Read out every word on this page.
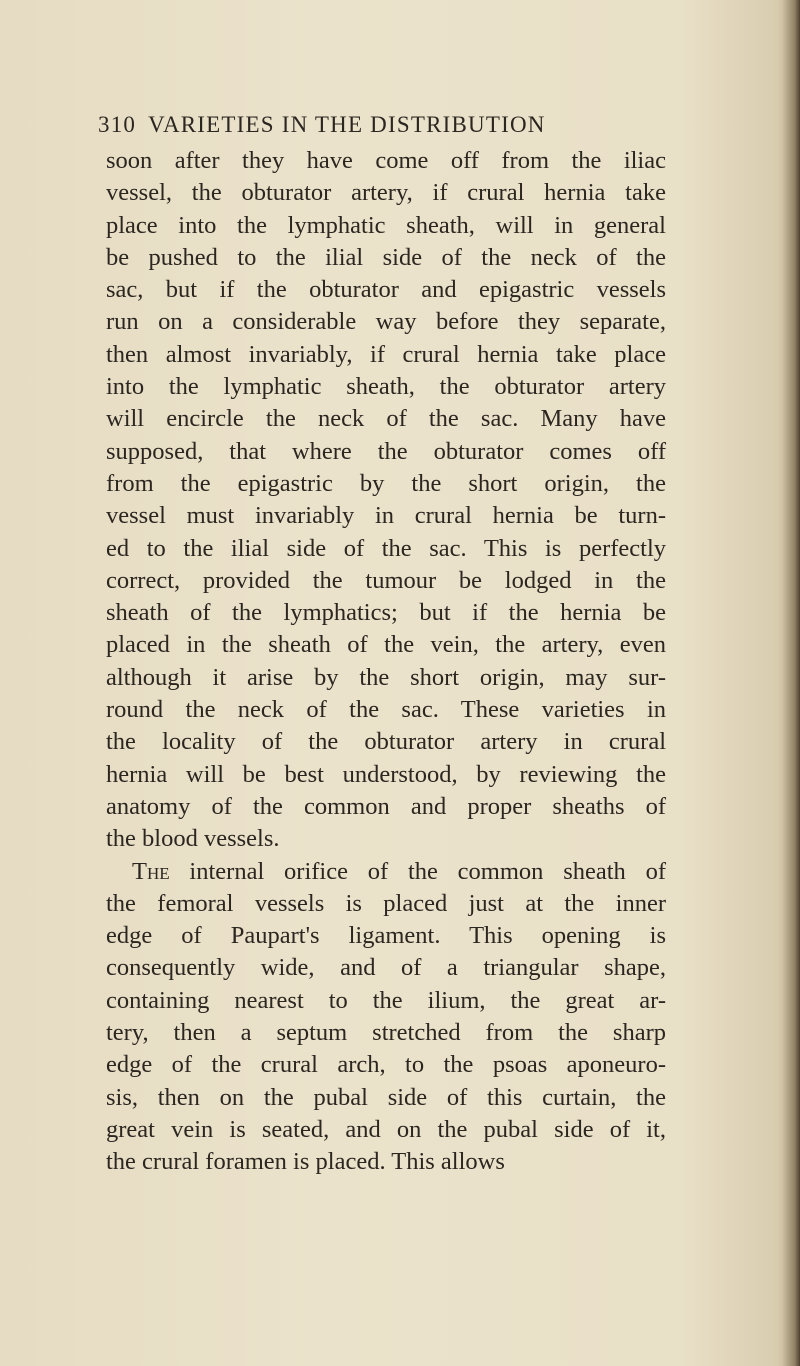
310 VARIETIES IN THE DISTRIBUTION
soon after they have come off from the iliac
vessel, the obturator artery, if crural hernia take
place into the lymphatic sheath, will in general
be pushed to the ilial side of the neck of the
sac, but if the obturator and epigastric vessels
run on a considerable way before they separate,
then almost invariably, if crural hernia take place
into the lymphatic sheath, the obturator artery
will encircle the neck of the sac. Many have
supposed, that where the obturator comes off
from the epigastric by the short origin, the
vessel must invariably in crural hernia be turn-
ed to the ilial side of the sac. This is perfectly
correct, provided the tumour be lodged in the
sheath of the lymphatics; but if the hernia be
placed in the sheath of the vein, the artery, even
although it arise by the short origin, may sur-
round the neck of the sac. These varieties in
the locality of the obturator artery in crural
hernia will be best understood, by reviewing the
anatomy of the common and proper sheaths of
the blood vessels.
The internal orifice of the common sheath of
the femoral vessels is placed just at the inner
edge of Paupart's ligament. This opening is
consequently wide, and of a triangular shape,
containing nearest to the ilium, the great ar-
tery, then a septum stretched from the sharp
edge of the crural arch, to the psoas aponeuro-
sis, then on the pubal side of this curtain, the
great vein is seated, and on the pubal side of it,
the crural foramen is placed. This allows
